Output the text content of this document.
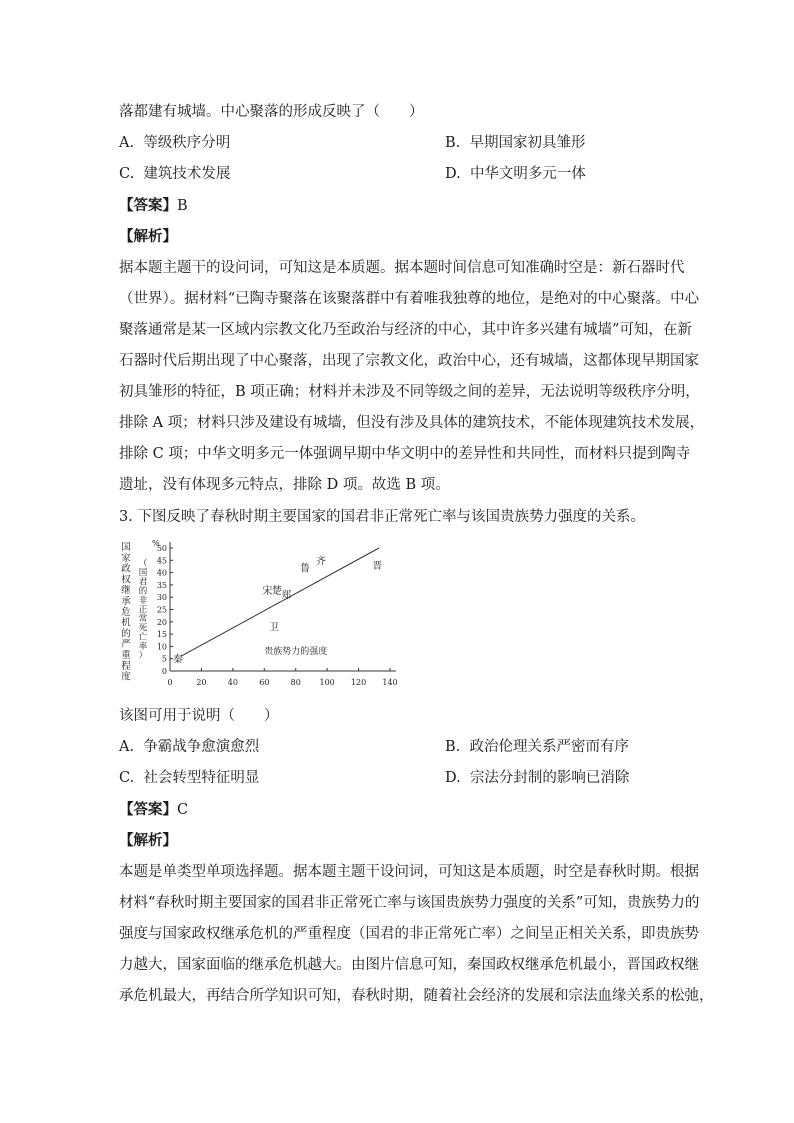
落都建有城墙。中心聚落的形成反映了（　　）
A. 等级秩序分明	B. 早期国家初具雏形
C. 建筑技术发展	D. 中华文明多元一体
【答案】B
【解析】
据本题主题干的设问词，可知这是本质题。据本题时间信息可知准确时空是：新石器时代
（世界）。据材料“已陶寺聚落在该聚落群中有着唯我独尊的地位，是绝对的中心聚落。中心
聚落通常是某一区域内宗教文化乃至政治与经济的中心，其中许多兴建有城墙”可知，在新
石器时代后期出现了中心聚落，出现了宗教文化，政治中心，还有城墙，这都体现早期国家
初具雏形的特征，B 项正确；材料并未涉及不同等级之间的差异，无法说明等级秩序分明，
排除 A 项；材料只涉及建设有城墙，但没有涉及具体的建筑技术，不能体现建筑技术发展，
排除 C 项；中华文明多元一体强调早期中华文明中的差异性和共同性，而材料只提到陶寺
遗址，没有体现多元特点，排除 D 项。故选 B 项。
3. 下图反映了春秋时期主要国家的国君非正常死亡率与该国贵族势力强度的关系。
0
5
10
15
20
25
30
35
40
45
50
0	20	40	60	80 100 120 140
%
国
家
政
权
继
承
危
机
的
严
重
程
度
（
国
君
的
非
正
常
死
亡
率
）	贵族势力的强度
秦
卫
宋 楚 郑
鲁
齐	晋
该图可用于说明（　　）
A. 争霸战争愈演愈烈	B. 政治伦理关系严密而有序
C. 社会转型特征明显	D. 宗法分封制的影响已消除
【答案】C
【解析】
本题是单类型单项选择题。据本题主题干设问词，可知这是本质题，时空是春秋时期。根据
材料“春秋时期主要国家的国君非正常死亡率与该国贵族势力强度的关系”可知，贵族势力的
强度与国家政权继承危机的严重程度（国君的非正常死亡率）之间呈正相关关系，即贵族势
力越大，国家面临的继承危机越大。由图片信息可知，秦国政权继承危机最小，晋国政权继
承危机最大，再结合所学知识可知，春秋时期，随着社会经济的发展和宗法血缘关系的松弛，
